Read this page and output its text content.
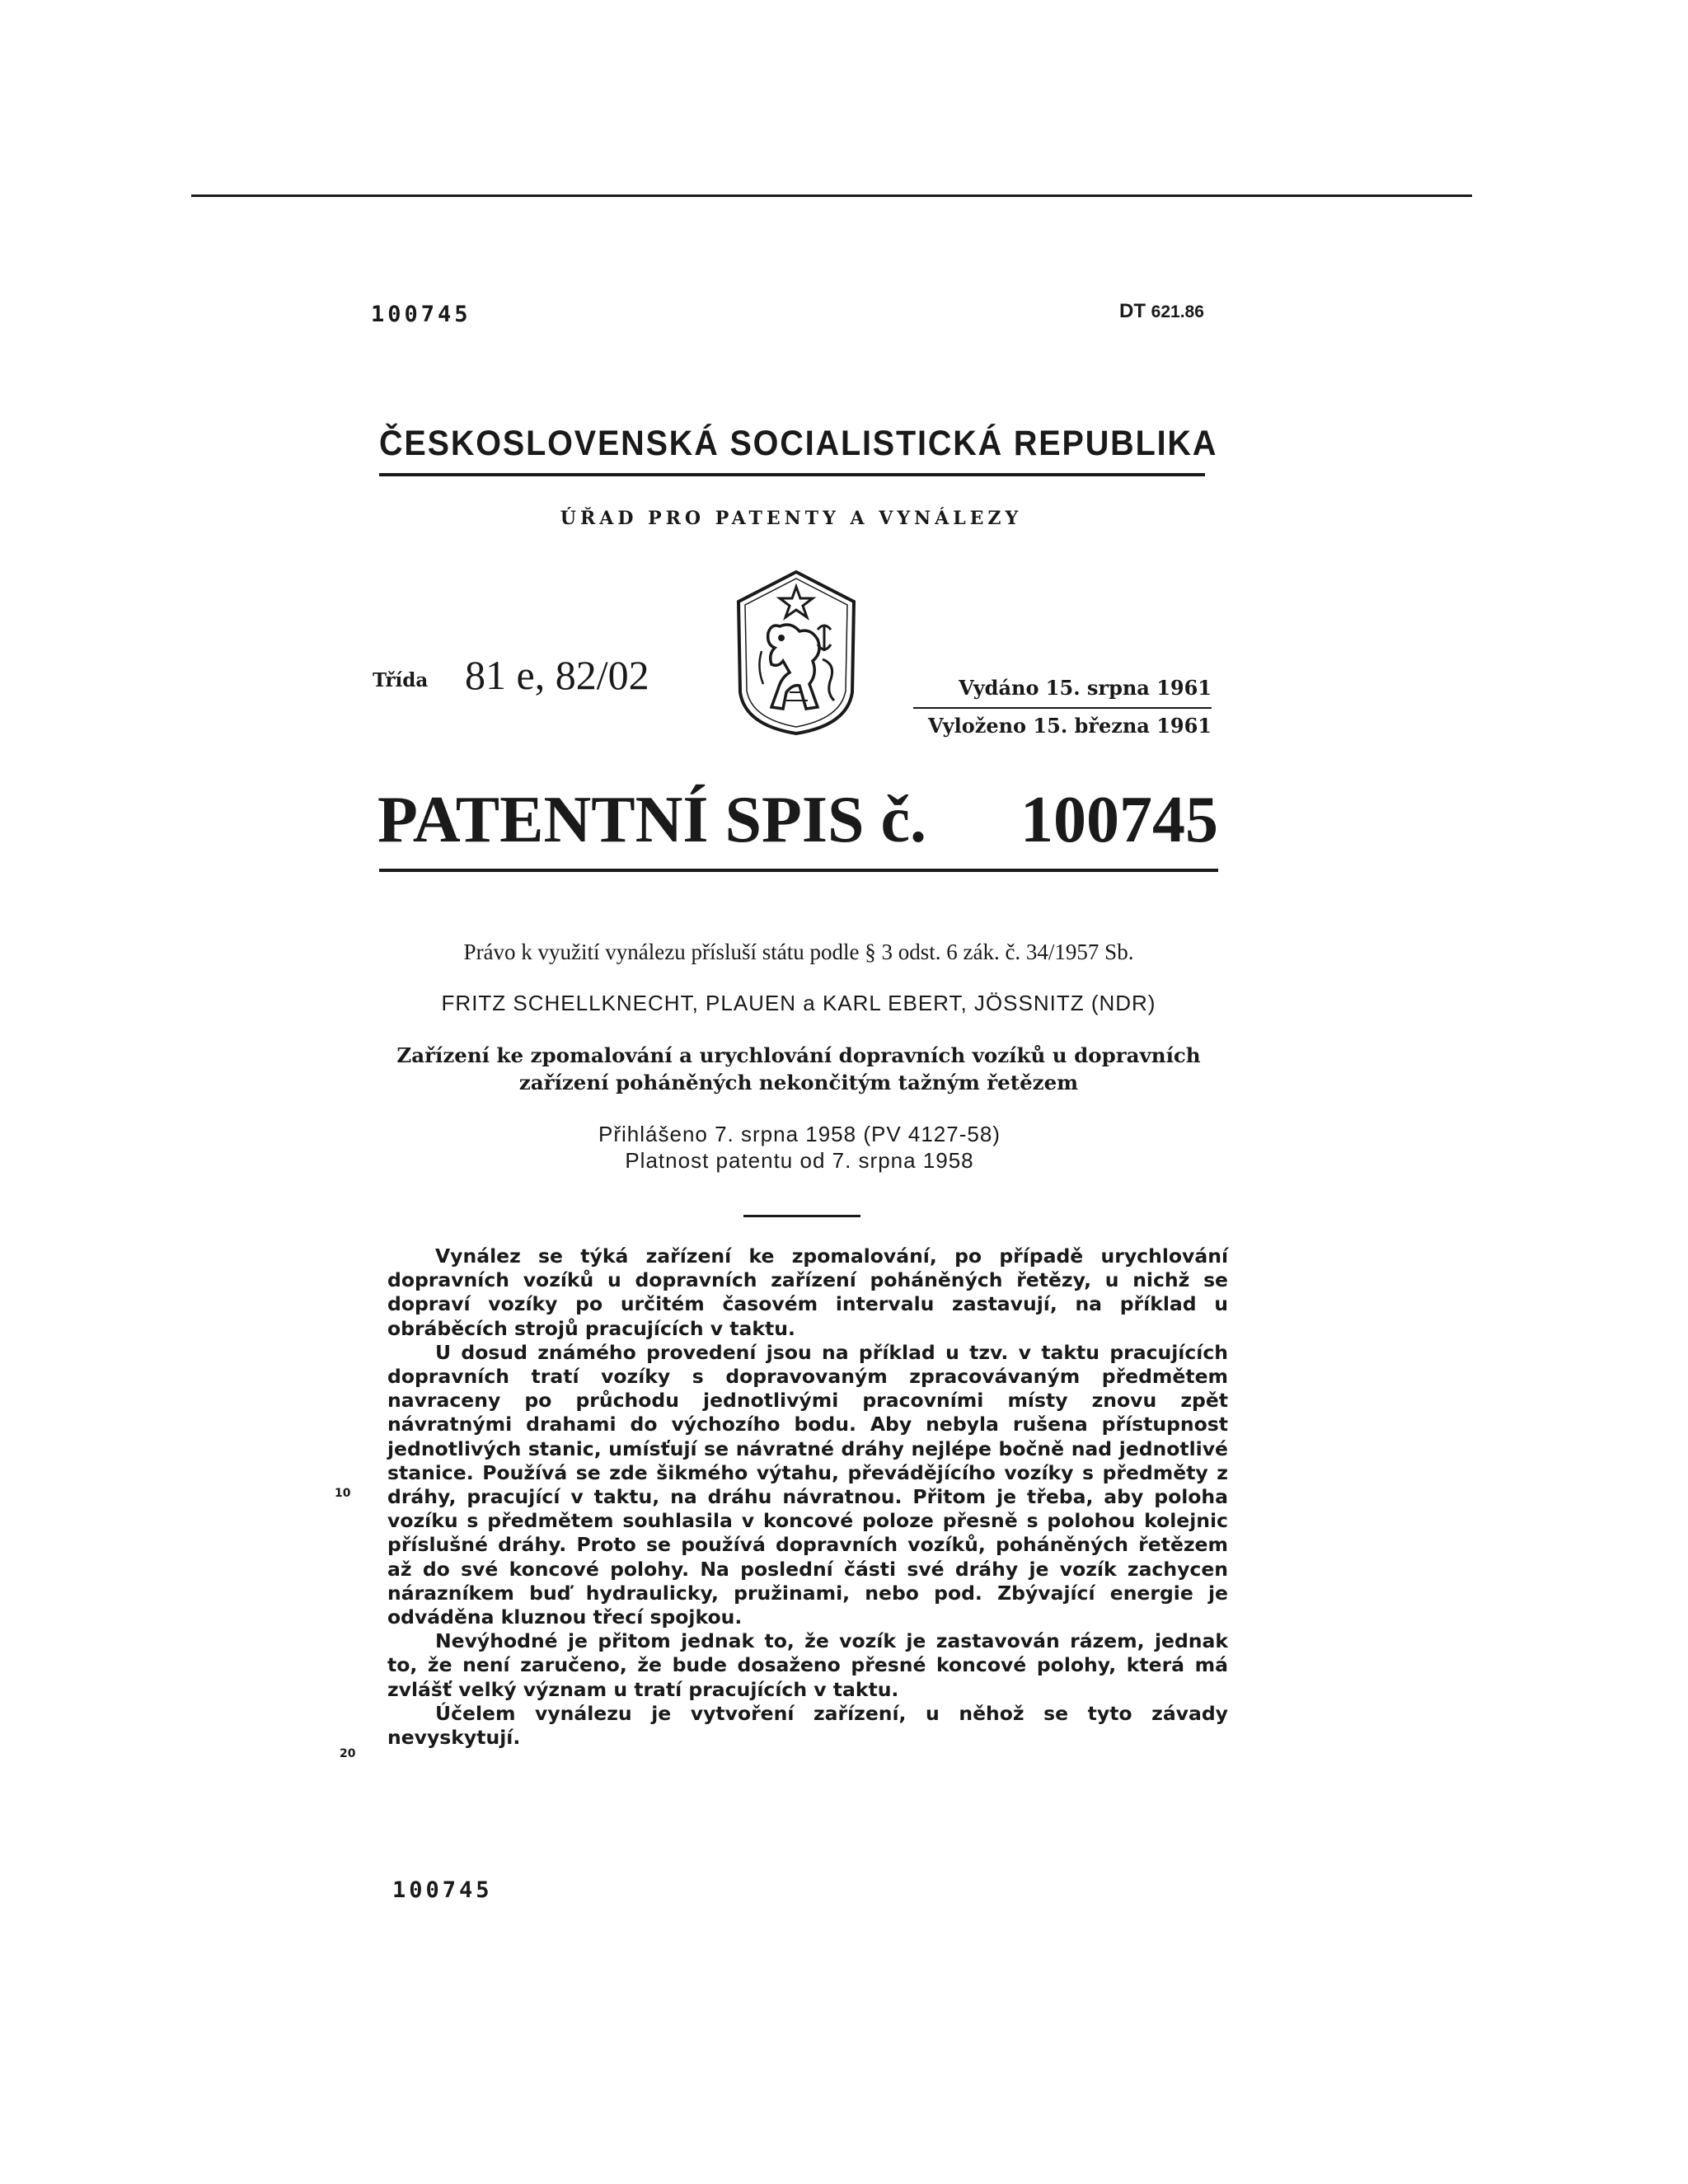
100745	DT 621.86
ČESKOSLOVENSKÁ SOCIALISTICKÁ REPUBLIKA
ÚŘAD PRO PATENTY A VYNÁLEZY
Třída 81 e, 82/02	Vydáno 15. srpna 1961
Vyloženo 15. března 1961
PATENTNÍ SPIS č. 100745
Právo k využití vynálezu přísluší státu podle § 3 odst. 6 zák. č. 34/1957 Sb.
FRITZ SCHELLKNECHT, PLAUEN a KARL EBERT, JÖSSNITZ (NDR)
Zařízení ke zpomalování a urychlování dopravních vozíků u dopravních
zařízení poháněných nekončitým tažným řetězem
Přihlášeno 7. srpna 1958 (PV 4127-58)
Platnost patentu od 7. srpna 1958

Vynález se týká zařízení ke zpomalování, po případě urychlování dopravních vozíků u dopravních zařízení poháněných řetězy, u nichž se dopraví vozíky po určitém časovém intervalu zastavují, na příklad u obráběcích strojů pracujících v taktu.

U dosud známého provedení jsou na příklad u tzv. v taktu pracujících dopravních tratí vozíky s dopravovaným zpracovávaným předmětem navraceny po průchodu jednotlivými pracovními místy znovu zpět návratnými drahami do výchozího bodu. Aby nebyla rušena přístupnost jednotlivých stanic, umísťují se návratné dráhy nejlépe bočně nad jednotlivé stanice. Používá se zde šikmého výtahu, převádějícího vozíky s předměty z dráhy, pracující v taktu, na dráhu návratnou. Přitom je třeba, aby poloha vozíku s předmětem souhlasila v koncové poloze přesně s polohou kolejnic příslušné dráhy. Proto se používá dopravních vozíků, poháněných řetězem až do své koncové polohy. Na poslední části své dráhy je vozík zachycen nárazníkem buď hydraulicky, pružinami, nebo pod. Zbývající energie je odváděna kluznou třecí spojkou.

Nevýhodné je přitom jednak to, že vozík je zastavován rázem, jednak to, že není zaručeno, že bude dosaženo přesné koncové polohy, která má zvlášť velký význam u tratí pracujících v taktu.

Účelem vynálezu je vytvoření zařízení, u něhož se tyto závady nevyskytují.

10
20
100745
